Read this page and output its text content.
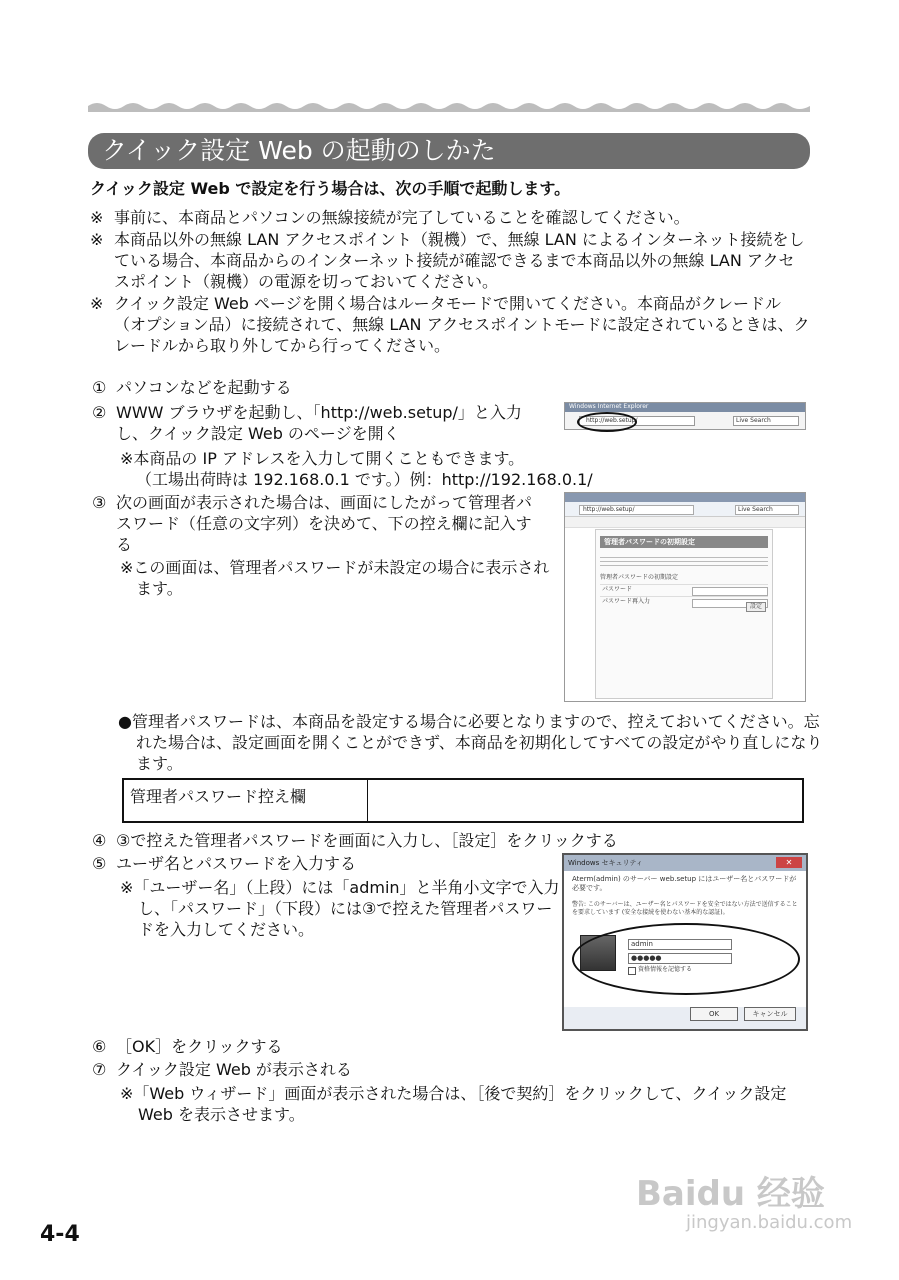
クイック設定 Web の起動のしかた
クイック設定 Web で設定を行う場合は、次の手順で起動します。
※ 事前に、本商品とパソコンの無線接続が完了していることを確認してください。
※ 本商品以外の無線 LAN アクセスポイント（親機）で、無線 LAN によるインターネット接続をしている場合、本商品からのインターネット接続が確認できるまで本商品以外の無線 LAN アクセスポイント（親機）の電源を切っておいてください。
※ クイック設定 Web ページを開く場合はルータモードで開いてください。本商品がクレードル（オプション品）に接続されて、無線 LAN アクセスポイントモードに設定されているときは、クレードルから取り外してから行ってください。
① パソコンなどを起動する
② WWW ブラウザを起動し、「http://web.setup/」と入力し、クイック設定 Web のページを開く
※本商品の IP アドレスを入力して開くこともできます。
（工場出荷時は 192.168.0.1 です。）例：http://192.168.0.1/
Windows Internet Explorer
http://web.setup/	Live Search
③ 次の画面が表示された場合は、画面にしたがって管理者パスワード（任意の文字列）を決めて、下の控え欄に記入する
※この画面は、管理者パスワードが未設定の場合に表示されます。
http://web.setup/	Live Search
管理者パスワードの初期設定
管理者パスワードの初期設定
パスワード
パスワード再入力
設定
●管理者パスワードは、本商品を設定する場合に必要となりますので、控えておいてください。忘れた場合は、設定画面を開くことができず、本商品を初期化してすべての設定がやり直しになります。
管理者パスワード控え欄
④ ③で控えた管理者パスワードを画面に入力し、［設定］をクリックする
⑤ ユーザ名とパスワードを入力する
※「ユーザー名」（上段）には「admin」と半角小文字で入力し、「パスワード」（下段）には③で控えた管理者パスワードを入力してください。
Windows セキュリティ	✕
Aterm(admin) のサーバー web.setup にはユーザー名とパスワードが必要です。
警告: このサーバーは、ユーザー名とパスワードを安全ではない方法で送信することを要求しています (安全な接続を使わない基本的な認証)。
admin
●●●●●
資格情報を記憶する
OK	キャンセル
⑥ ［OK］をクリックする
⑦ クイック設定 Web が表示される
※「Web ウィザード」画面が表示された場合は、［後で契約］をクリックして、クイック設定 Web を表示させます。
Baidu 经验
jingyan.baidu.com
4-4
